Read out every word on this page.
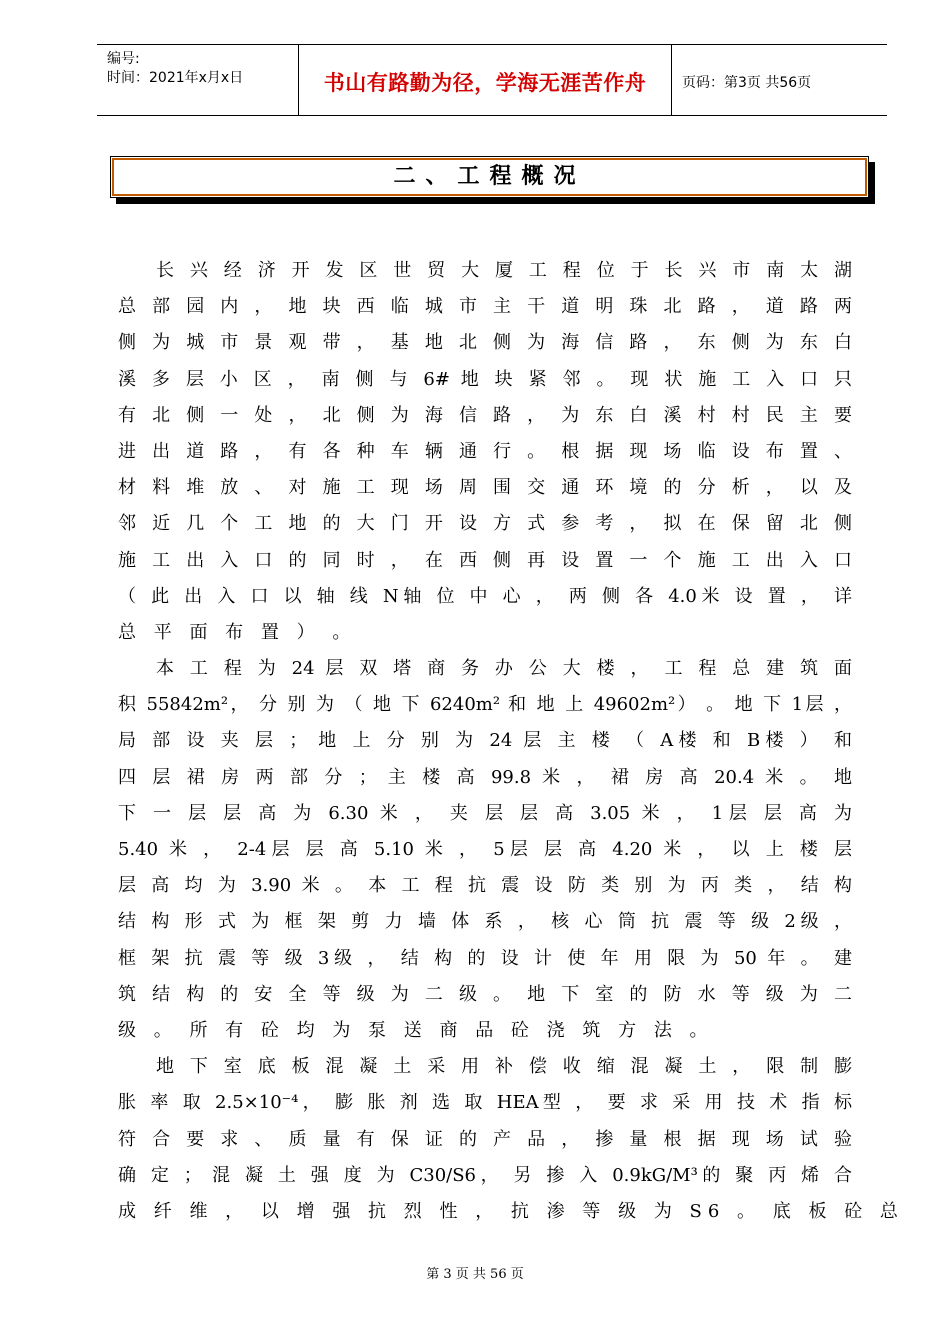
编号:
时间：2021年x月x日	书山有路勤为径，学海无涯苦作舟	页码：第3页 共56页
二、工程概况
长 兴 经 济 开 发 区 世 贸 大 厦 工 程 位 于 长 兴 市 南 太 湖
总 部 园 内 ， 地 块 西 临 城 市 主 干 道 明 珠 北 路 ， 道 路 两
侧 为 城 市 景 观 带 ， 基 地 北 侧 为 海 信 路 ， 东 侧 为 东 白
溪 多 层 小 区 ， 南 侧 与 6# 地 块 紧 邻 。 现 状 施 工 入 口 只
有 北 侧 一 处 ， 北 侧 为 海 信 路 ， 为 东 白 溪 村 村 民 主 要
进 出 道 路 ， 有 各 种 车 辆 通 行 。 根 据 现 场 临 设 布 置 、
材 料 堆 放 、 对 施 工 现 场 周 围 交 通 环 境 的 分 析 ， 以 及
邻 近 几 个 工 地 的 大 门 开 设 方 式 参 考 ， 拟 在 保 留 北 侧
施 工 出 入 口 的 同 时 ， 在 西 侧 再 设 置 一 个 施 工 出 入 口
（ 此 出 入 口 以 轴 线 N轴 位 中 心 ， 两 侧 各 4.0米 设 置 ， 详
总 平 面 布 置 ） 。
本 工 程 为 24 层 双 塔 商 务 办 公 大 楼 ， 工 程 总 建 筑 面
积 55842m²， 分 别 为 （ 地 下 6240m² 和 地 上 49602m²） 。 地 下 1层 ，
局 部 设 夹 层 ； 地 上 分 别 为 24 层 主 楼 （ A楼 和 B楼 ） 和
四 层 裙 房 两 部 分 ； 主 楼 高 99.8 米 ， 裙 房 高 20.4 米 。 地
下 一 层 层 高 为 6.30 米 ， 夹 层 层 高 3.05 米 ， 1层 层 高 为
5.40 米 ， 2-4层 层 高 5.10 米 ， 5层 层 高 4.20 米 ， 以 上 楼 层
层 高 均 为 3.90 米 。 本 工 程 抗 震 设 防 类 别 为 丙 类 ， 结 构
结 构 形 式 为 框 架 剪 力 墙 体 系 ， 核 心 筒 抗 震 等 级 2级 ，
框 架 抗 震 等 级 3级 ， 结 构 的 设 计 使 年 用 限 为 50 年 。 建
筑 结 构 的 安 全 等 级 为 二 级 。 地 下 室 的 防 水 等 级 为 二
级 。 所 有 砼 均 为 泵 送 商 品 砼 浇 筑 方 法 。
地 下 室 底 板 混 凝 土 采 用 补 偿 收 缩 混 凝 土 ， 限 制 膨
胀 率 取 2.5×10⁻⁴， 膨 胀 剂 选 取 HEA型 ， 要 求 采 用 技 术 指 标
符 合 要 求 、 质 量 有 保 证 的 产 品 ， 掺 量 根 据 现 场 试 验
确 定 ； 混 凝 土 强 度 为 C30/S6， 另 掺 入 0.9kG/M³的 聚 丙 烯 合
成 纤 维 ， 以 增 强 抗 烈 性 ， 抗 渗 等 级 为 S6 。 底 板 砼 总
第 3 页 共 56 页
